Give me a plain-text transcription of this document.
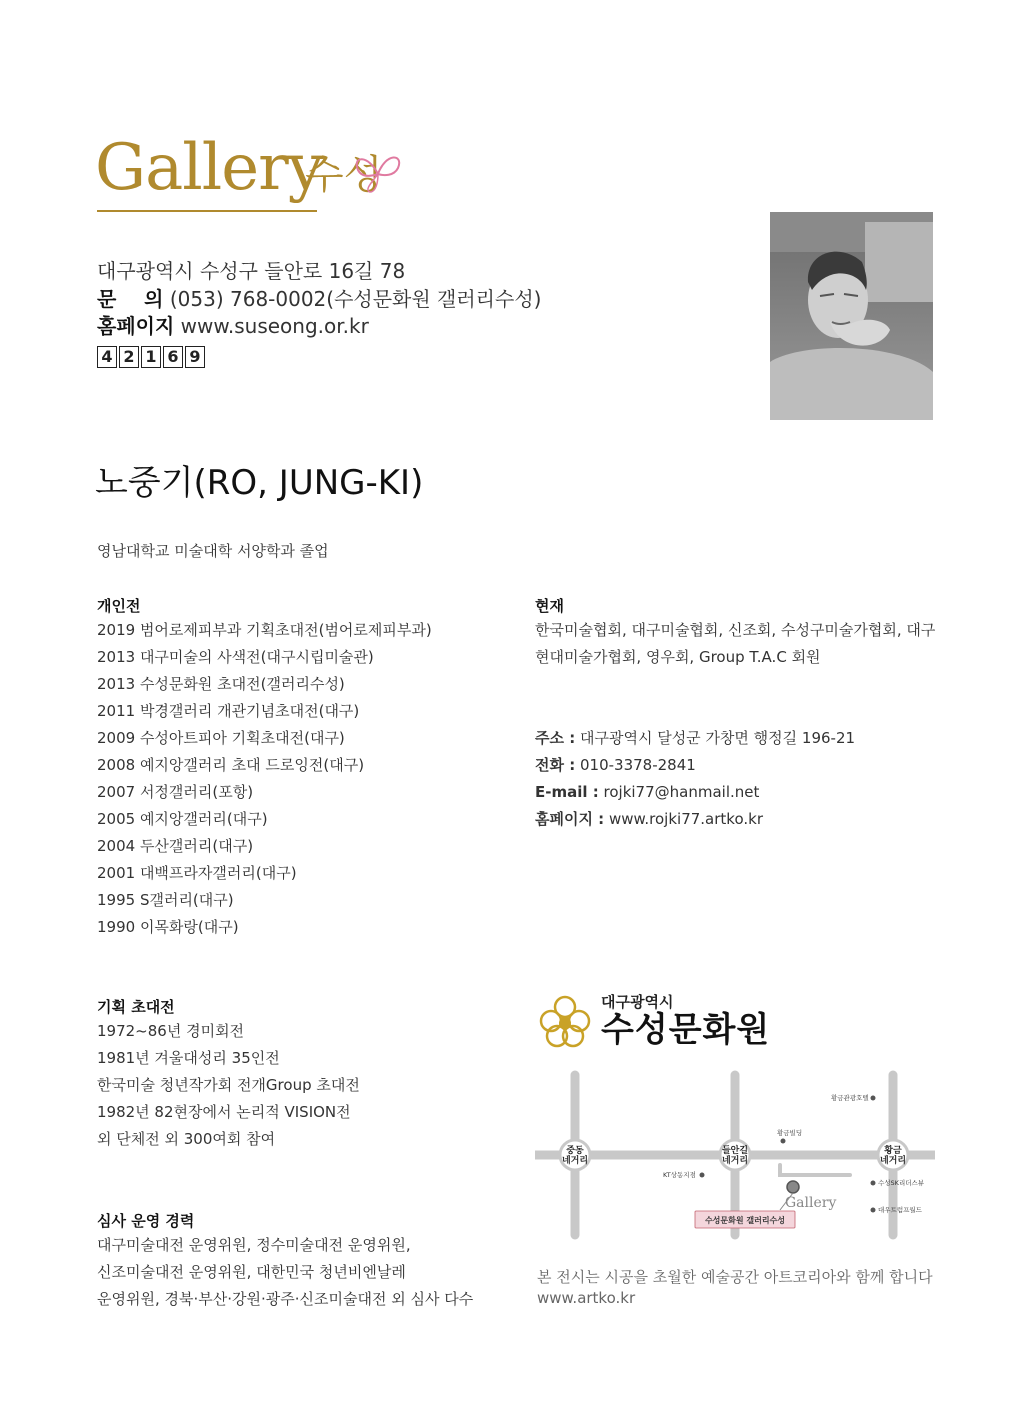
Gallery
수성
대구광역시 수성구 들안로 16길 78
문    의 (053) 768-0002(수성문화원 갤러리수성)
홈페이지 www.suseong.or.kr
4 2 1 6 9
노중기(RO, JUNG-KI)
영남대학교 미술대학 서양학과 졸업
개인전
2019 범어로제피부과 기획초대전(범어로제피부과)
2013 대구미술의 사색전(대구시립미술관)
2013 수성문화원 초대전(갤러리수성)
2011 박경갤러리 개관기념초대전(대구)
2009 수성아트피아 기획초대전(대구)
2008 예지앙갤러리 초대 드로잉전(대구)
2007 서정갤러리(포항)
2005 예지앙갤러리(대구)
2004 두산갤러리(대구)
2001 대백프라자갤러리(대구)
1995 S갤러리(대구)
1990 이목화랑(대구)
현재
한국미술협회, 대구미술협회, 신조회, 수성구미술가협회, 대구
현대미술가협회, 영우회, Group T.A.C 회원
주소 : 대구광역시 달성군 가창면 행정길 196-21
전화 : 010-3378-2841
E-mail : rojki77@hanmail.net
홈페이지 : www.rojki77.artko.kr
기획 초대전
1972~86년 경미회전
1981년 겨울대성리 35인전
한국미술 청년작가회 전개Group 초대전
1982년 82현장에서 논리적 VISION전
외 단체전 외 300여회 참여
심사 운영 경력
대구미술대전 운영위원, 정수미술대전 운영위원,
신조미술대전 운영위원, 대한민국 청년비엔날레
운영위원, 경북·부산·강원·광주·신조미술대전 외 심사 다수
대구광역시
수성문화원
중동
네거리
들안길
네거리
황금
네거리
황금관광호텔
황금빌딩
KT상동지점
수성SK리더스뷰
대우트럼프월드
Gallery
수성문화원 갤러리수성
본 전시는 시공을 초월한 예술공간 아트코리아와 함께 합니다
www.artko.kr
